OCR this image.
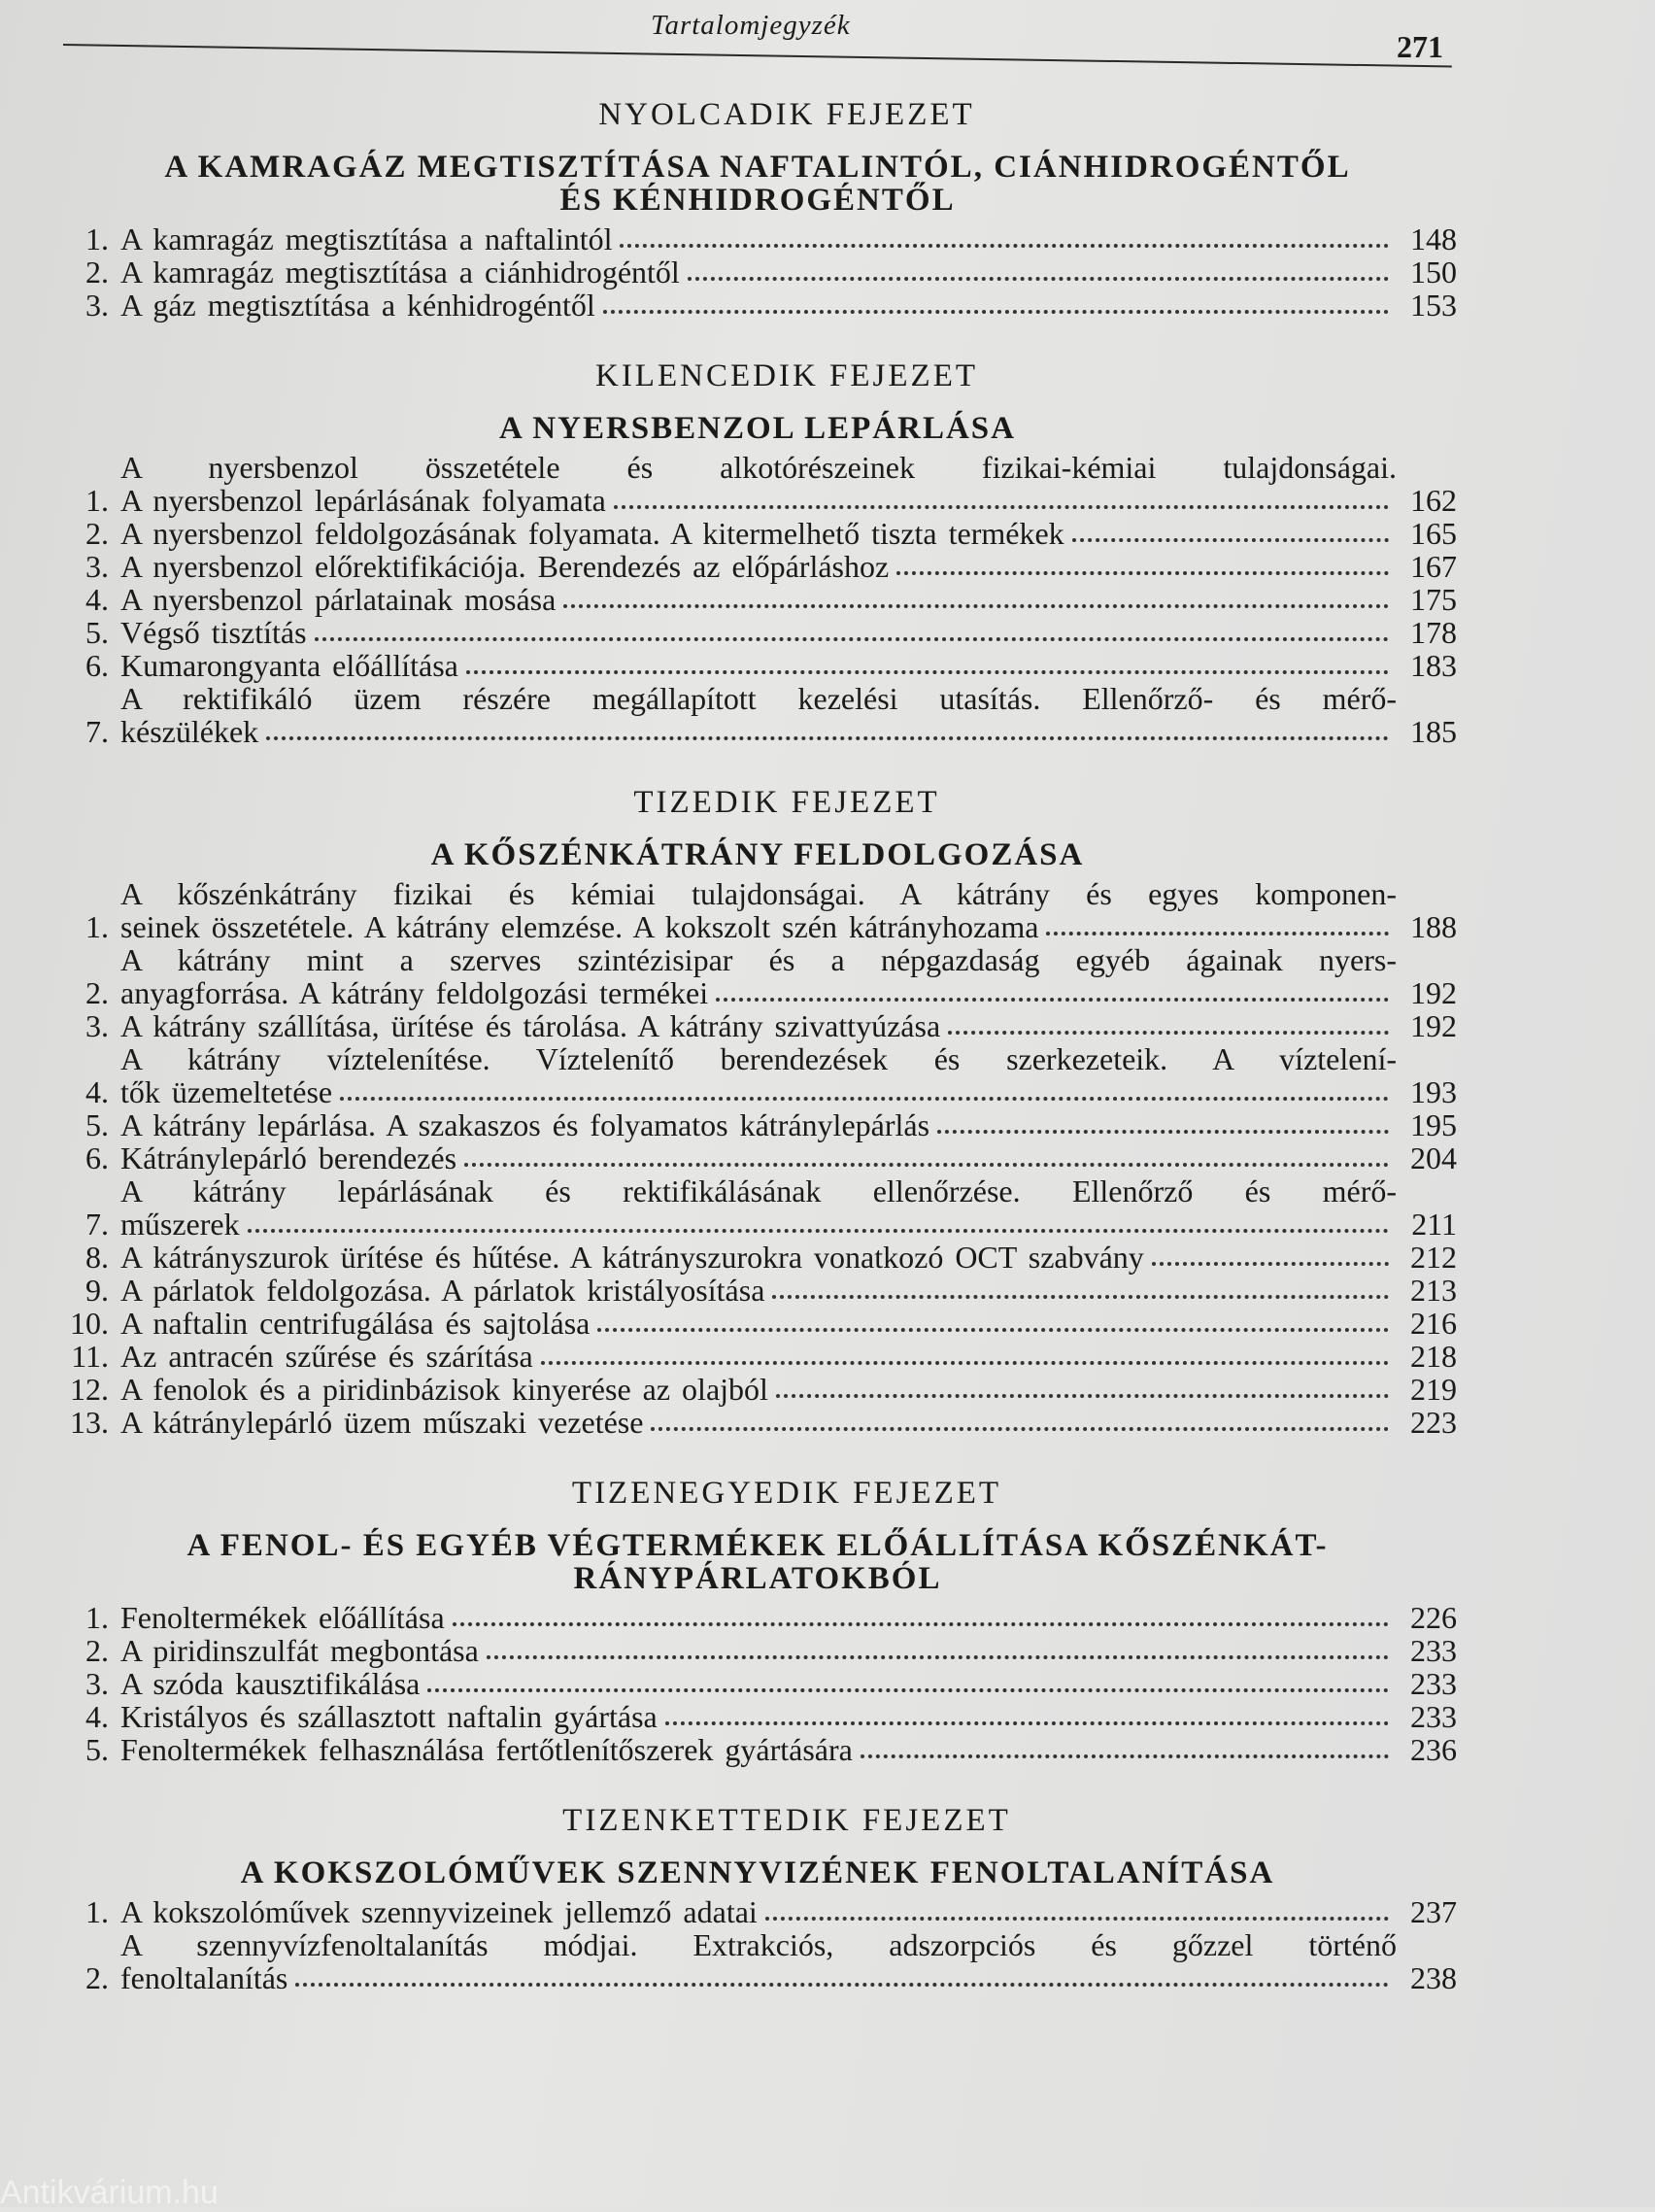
Tartalomjegyzék
271
NYOLCADIK FEJEZET
A KAMRAGÁZ MEGTISZTÍTÁSA NAFTALINTÓL, CIÁNHIDROGÉNTŐL
ÉS KÉNHIDROGÉNTŐL
1. A kamragáz megtisztítása a naftalintól	148
2. A kamragáz megtisztítása a ciánhidrogéntől	150
3. A gáz megtisztítása a kénhidrogéntől	153
KILENCEDIK FEJEZET
A NYERSBENZOL LEPÁRLÁSA
1.
A nyersbenzol összetétele és alkotórészeinek fizikai-kémiai tulajdonságai.
A nyersbenzol lepárlásának folyamata	162
2. A nyersbenzol feldolgozásának folyamata. A kitermelhető tiszta termékek	165
3. A nyersbenzol előrektifikációja. Berendezés az előpárláshoz	167
4. A nyersbenzol párlatainak mosása	175
5. Végső tisztítás	178
6. Kumarongyanta előállítása	183
7.
A rektifikáló üzem részére megállapított kezelési utasítás. Ellenőrző- és mérő-
készülékek	185
TIZEDIK FEJEZET
A KŐSZÉNKÁTRÁNY FELDOLGOZÁSA
1.
A kőszénkátrány fizikai és kémiai tulajdonságai. A kátrány és egyes komponen-
seinek összetétele. A kátrány elemzése. A kokszolt szén kátrányhozama	188
2.
A kátrány mint a szerves szintézisipar és a népgazdaság egyéb ágainak nyers-
anyagforrása. A kátrány feldolgozási termékei	192
3. A kátrány szállítása, ürítése és tárolása. A kátrány szivattyúzása	192
4.
A kátrány víztelenítése. Víztelenítő berendezések és szerkezeteik. A víztelení-
tők üzemeltetése	193
5. A kátrány lepárlása. A szakaszos és folyamatos kátránylepárlás	195
6. Kátránylepárló berendezés	204
7.
A kátrány lepárlásának és rektifikálásának ellenőrzése. Ellenőrző és mérő-
műszerek	211
8. A kátrányszurok ürítése és hűtése. A kátrányszurokra vonatkozó OCT szabvány	212
9. A párlatok feldolgozása. A párlatok kristályosítása	213
10. A naftalin centrifugálása és sajtolása	216
11. Az antracén szűrése és szárítása	218
12. A fenolok és a piridinbázisok kinyerése az olajból	219
13. A kátránylepárló üzem műszaki vezetése	223
TIZENEGYEDIK FEJEZET
A FENOL- ÉS EGYÉB VÉGTERMÉKEK ELŐÁLLÍTÁSA KŐSZÉNKÁT-
RÁNYPÁRLATOKBÓL
1. Fenoltermékek előállítása	226
2. A piridinszulfát megbontása	233
3. A szóda kausztifikálása	233
4. Kristályos és szállasztott naftalin gyártása	233
5. Fenoltermékek felhasználása fertőtlenítőszerek gyártására	236
TIZENKETTEDIK FEJEZET
A KOKSZOLÓMŰVEK SZENNYVIZÉNEK FENOLTALANÍTÁSA
1. A kokszolóművek szennyvizeinek jellemző adatai	237
2.
A szennyvízfenoltalanítás módjai. Extrakciós, adszorpciós és gőzzel történő
fenoltalanítás	238
Antikvárium.hu
